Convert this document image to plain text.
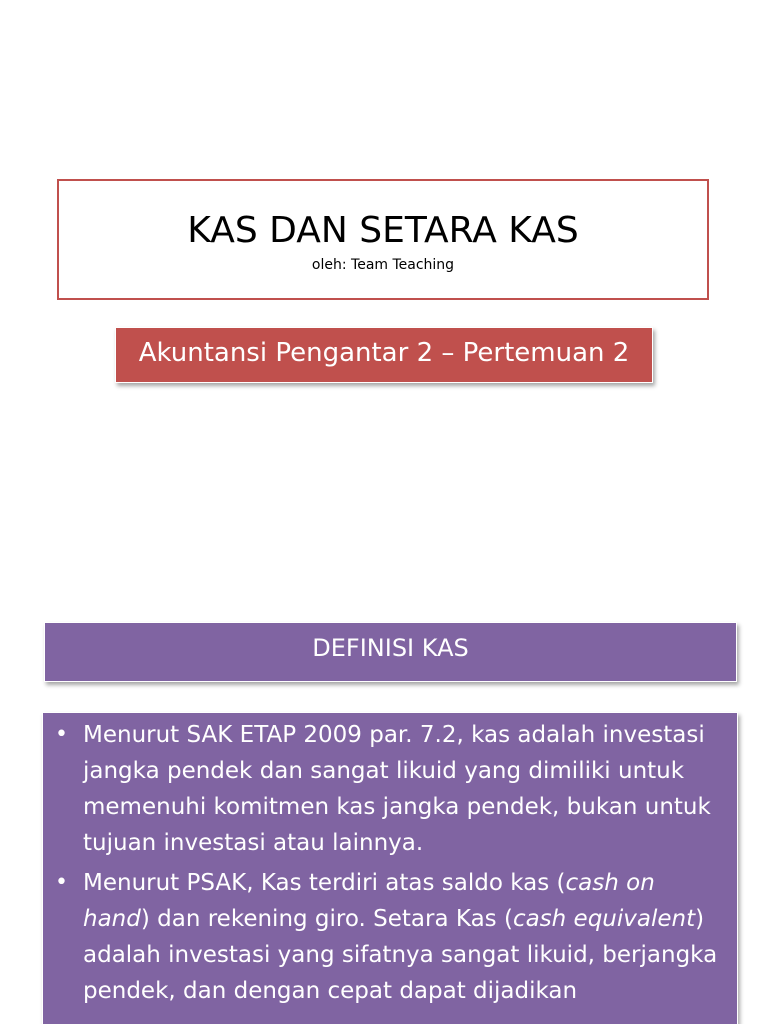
KAS DAN SETARA KAS
oleh: Team Teaching
Akuntansi Pengantar 2 – Pertemuan 2
DEFINISI KAS
• Menurut SAK ETAP 2009 par. 7.2, kas adalah investasi jangka pendek dan sangat likuid yang dimiliki untuk memenuhi komitmen kas jangka pendek, bukan untuk tujuan investasi atau lainnya.
• Menurut PSAK, Kas terdiri atas saldo kas (cash on hand) dan rekening giro. Setara Kas (cash equivalent) adalah investasi yang sifatnya sangat likuid, berjangka pendek, dan dengan cepat dapat dijadikan
